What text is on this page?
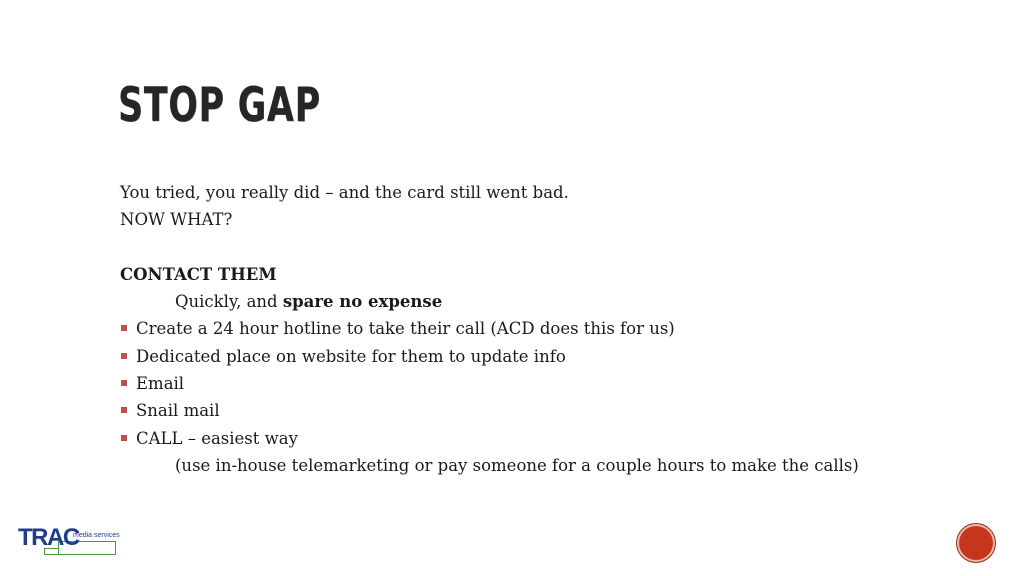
STOP GAP
You tried, you really did – and the card still went bad.
NOW WHAT?
CONTACT THEM
Quickly, and spare no expense
Create a 24 hour hotline to take their call (ACD does this for us)
Dedicated place on website for them to update info
Email
Snail mail
CALL – easiest way
(use in-house telemarketing or pay someone for a couple hours to make the calls)
TRAC
media services
